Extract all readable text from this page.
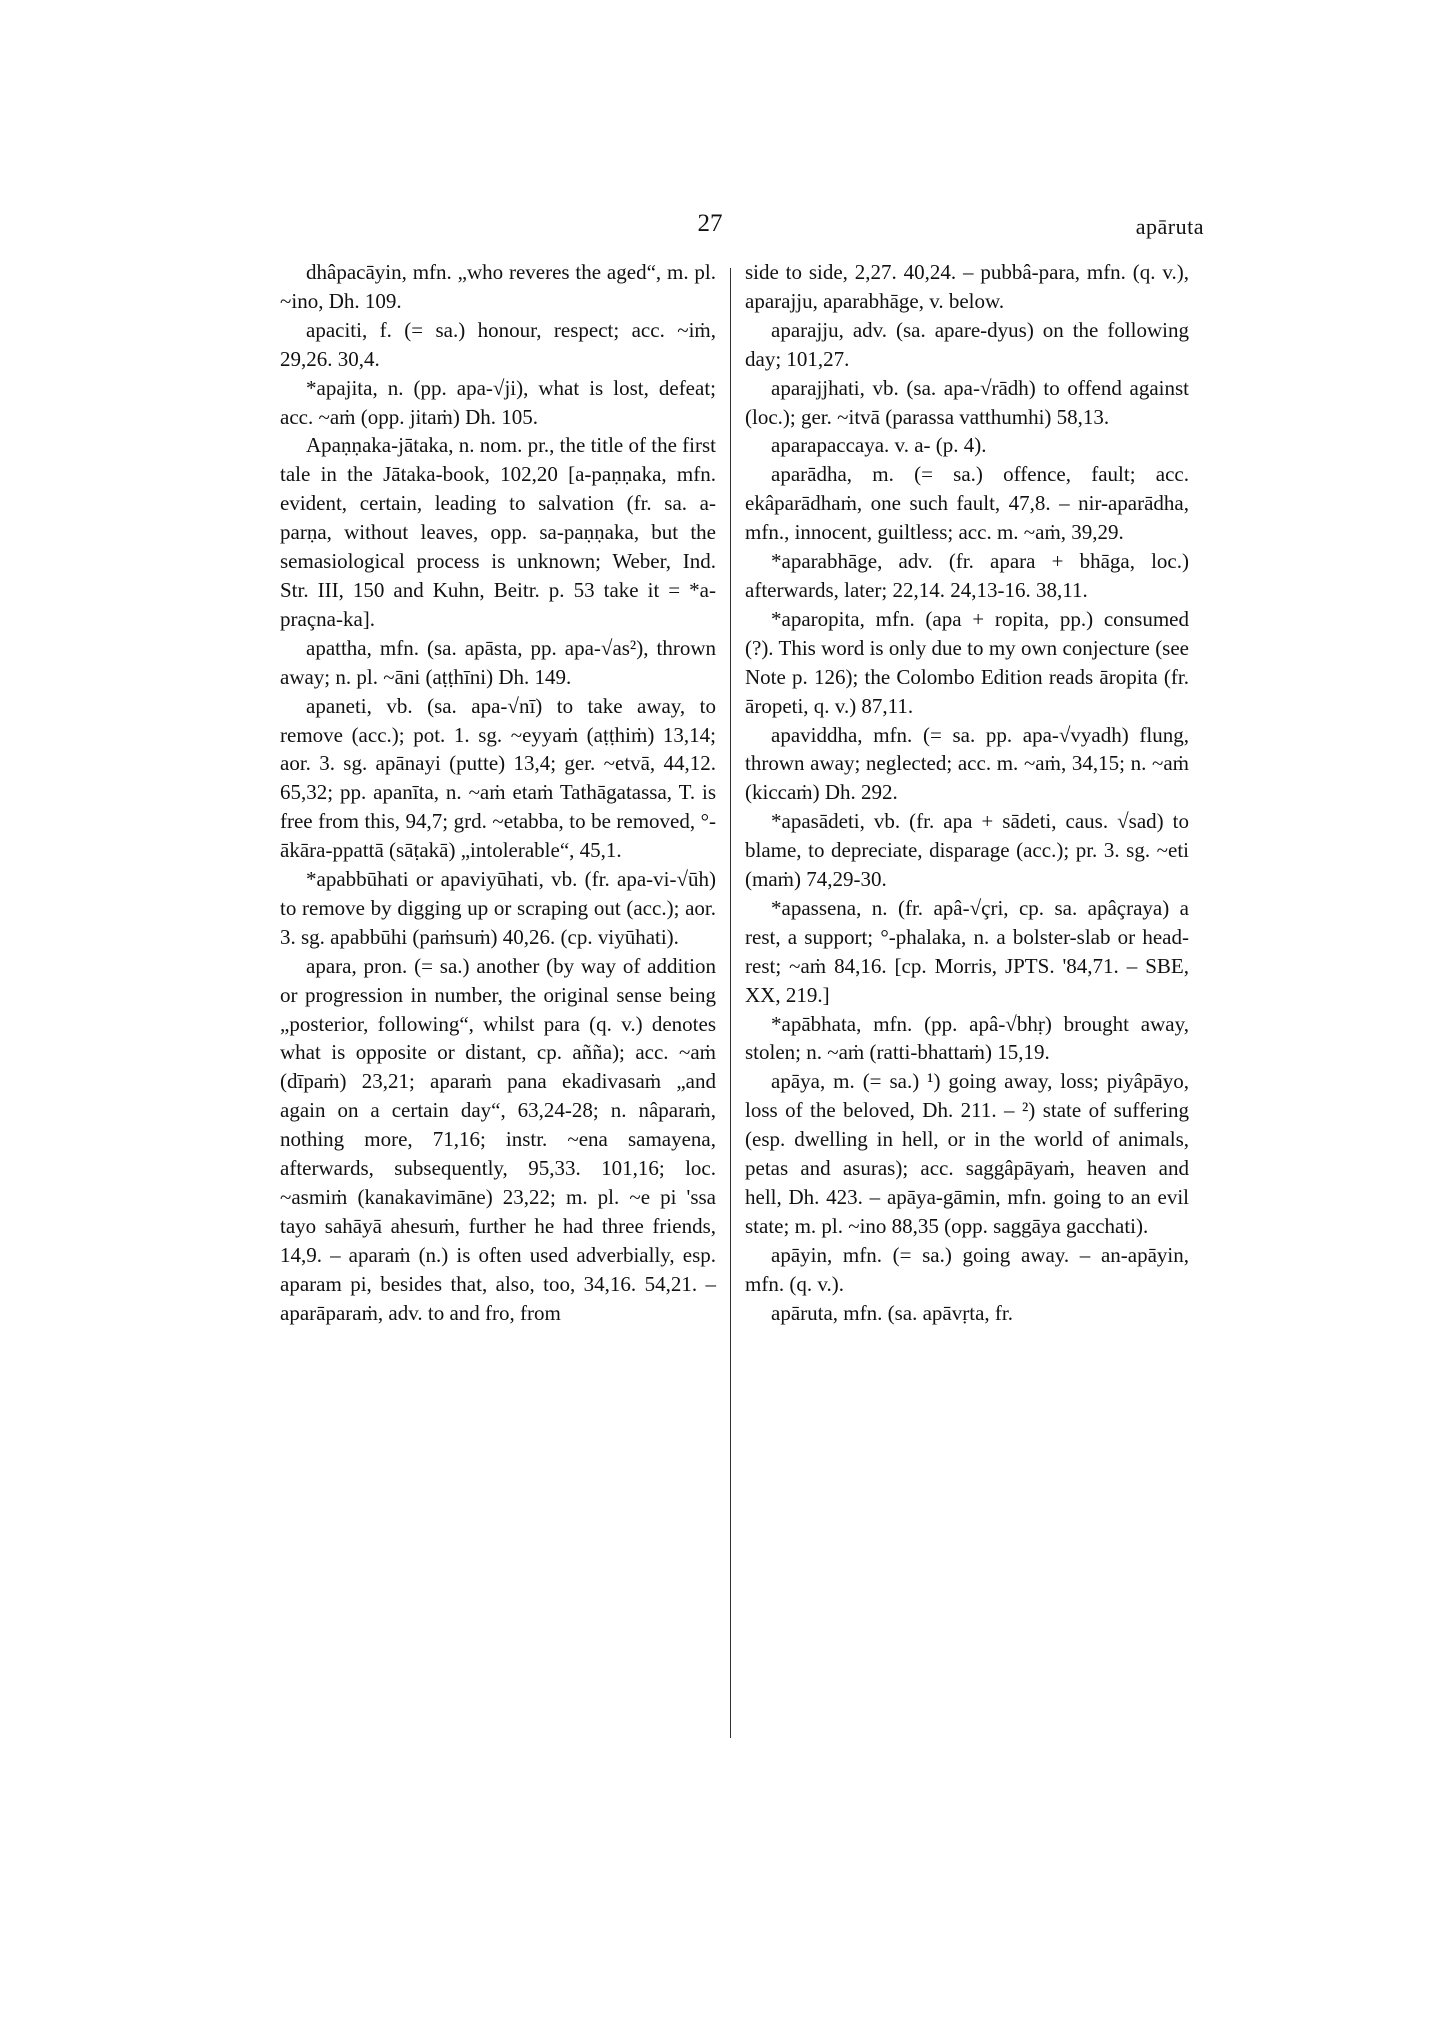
27	apāruta

dhâpacāyin, mfn. „who reveres the aged“, m. pl. ~ino, Dh. 109.

apaciti, f. (= sa.) honour, respect; acc. ~iṁ, 29,26. 30,4.

*apajita, n. (pp. apa-√ji), what is lost, defeat; acc. ~aṁ (opp. jitaṁ) Dh. 105.

Apaṇṇaka-jātaka, n. nom. pr., the title of the first tale in the Jātaka-book, 102,20 [a-paṇṇaka, mfn. evident, certain, leading to salvation (fr. sa. a-parṇa, without leaves, opp. sa-paṇṇaka, but the semasiological process is unknown; Weber, Ind. Str. III, 150 and Kuhn, Beitr. p. 53 take it = *a-praçna-ka].

apattha, mfn. (sa. apāsta, pp. apa-√as²), thrown away; n. pl. ~āni (aṭṭhīni) Dh. 149.

apaneti, vb. (sa. apa-√nī) to take away, to remove (acc.); pot. 1. sg. ~eyyaṁ (aṭṭhiṁ) 13,14; aor. 3. sg. apānayi (putte) 13,4; ger. ~etvā, 44,12. 65,32; pp. apanīta, n. ~aṁ etaṁ Tathāgatassa, T. is free from this, 94,7; grd. ~etabba, to be removed, °-ākāra-ppattā (sāṭakā) „intolerable“, 45,1.

*apabbūhati or apaviyūhati, vb. (fr. apa-vi-√ūh) to remove by digging up or scraping out (acc.); aor. 3. sg. apabbūhi (paṁsuṁ) 40,26. (cp. viyūhati).

apara, pron. (= sa.) another (by way of addition or progression in number, the original sense being „posterior, following“, whilst para (q. v.) denotes what is opposite or distant, cp. añña); acc. ~aṁ (dīpaṁ) 23,21; aparaṁ pana ekadivasaṁ „and again on a certain day“, 63,24-28; n. nâparaṁ, nothing more, 71,16; instr. ~ena samayena, afterwards, subsequently, 95,33. 101,16; loc. ~asmiṁ (kanakavimāne) 23,22; m. pl. ~e pi 'ssa tayo sahāyā ahesuṁ, further he had three friends, 14,9. – aparaṁ (n.) is often used adverbially, esp. aparam pi, besides that, also, too, 34,16. 54,21. – aparāparaṁ, adv. to and fro, from

side to side, 2,27. 40,24. – pubbâ-para, mfn. (q. v.), aparajju, aparabhāge, v. below.

aparajju, adv. (sa. apare-dyus) on the following day; 101,27.

aparajjhati, vb. (sa. apa-√rādh) to offend against (loc.); ger. ~itvā (parassa vatthumhi) 58,13.

aparapaccaya. v. a- (p. 4).

aparādha, m. (= sa.) offence, fault; acc. ekâparādhaṁ, one such fault, 47,8. – nir-aparādha, mfn., innocent, guiltless; acc. m. ~aṁ, 39,29.

*aparabhāge, adv. (fr. apara + bhāga, loc.) afterwards, later; 22,14. 24,13-16. 38,11.

*aparopita, mfn. (apa + ropita, pp.) consumed (?). This word is only due to my own conjecture (see Note p. 126); the Colombo Edition reads āropita (fr. āropeti, q. v.) 87,11.

apaviddha, mfn. (= sa. pp. apa-√vyadh) flung, thrown away; neglected; acc. m. ~aṁ, 34,15; n. ~aṁ (kiccaṁ) Dh. 292.

*apasādeti, vb. (fr. apa + sādeti, caus. √sad) to blame, to depreciate, disparage (acc.); pr. 3. sg. ~eti (maṁ) 74,29-30.

*apassena, n. (fr. apâ-√çri, cp. sa. apâçraya) a rest, a support; °-phalaka, n. a bolster-slab or head-rest; ~aṁ 84,16. [cp. Morris, JPTS. '84,71. – SBE, XX, 219.]

*apābhata, mfn. (pp. apâ-√bhṛ) brought away, stolen; n. ~aṁ (ratti-bhattaṁ) 15,19.

apāya, m. (= sa.) ¹) going away, loss; piyâpāyo, loss of the beloved, Dh. 211. – ²) state of suffering (esp. dwelling in hell, or in the world of animals, petas and asuras); acc. saggâpāyaṁ, heaven and hell, Dh. 423. – apāya-gāmin, mfn. going to an evil state; m. pl. ~ino 88,35 (opp. saggāya gacchati).

apāyin, mfn. (= sa.) going away. – an-apāyin, mfn. (q. v.).

apāruta, mfn. (sa. apāvṛta, fr.
